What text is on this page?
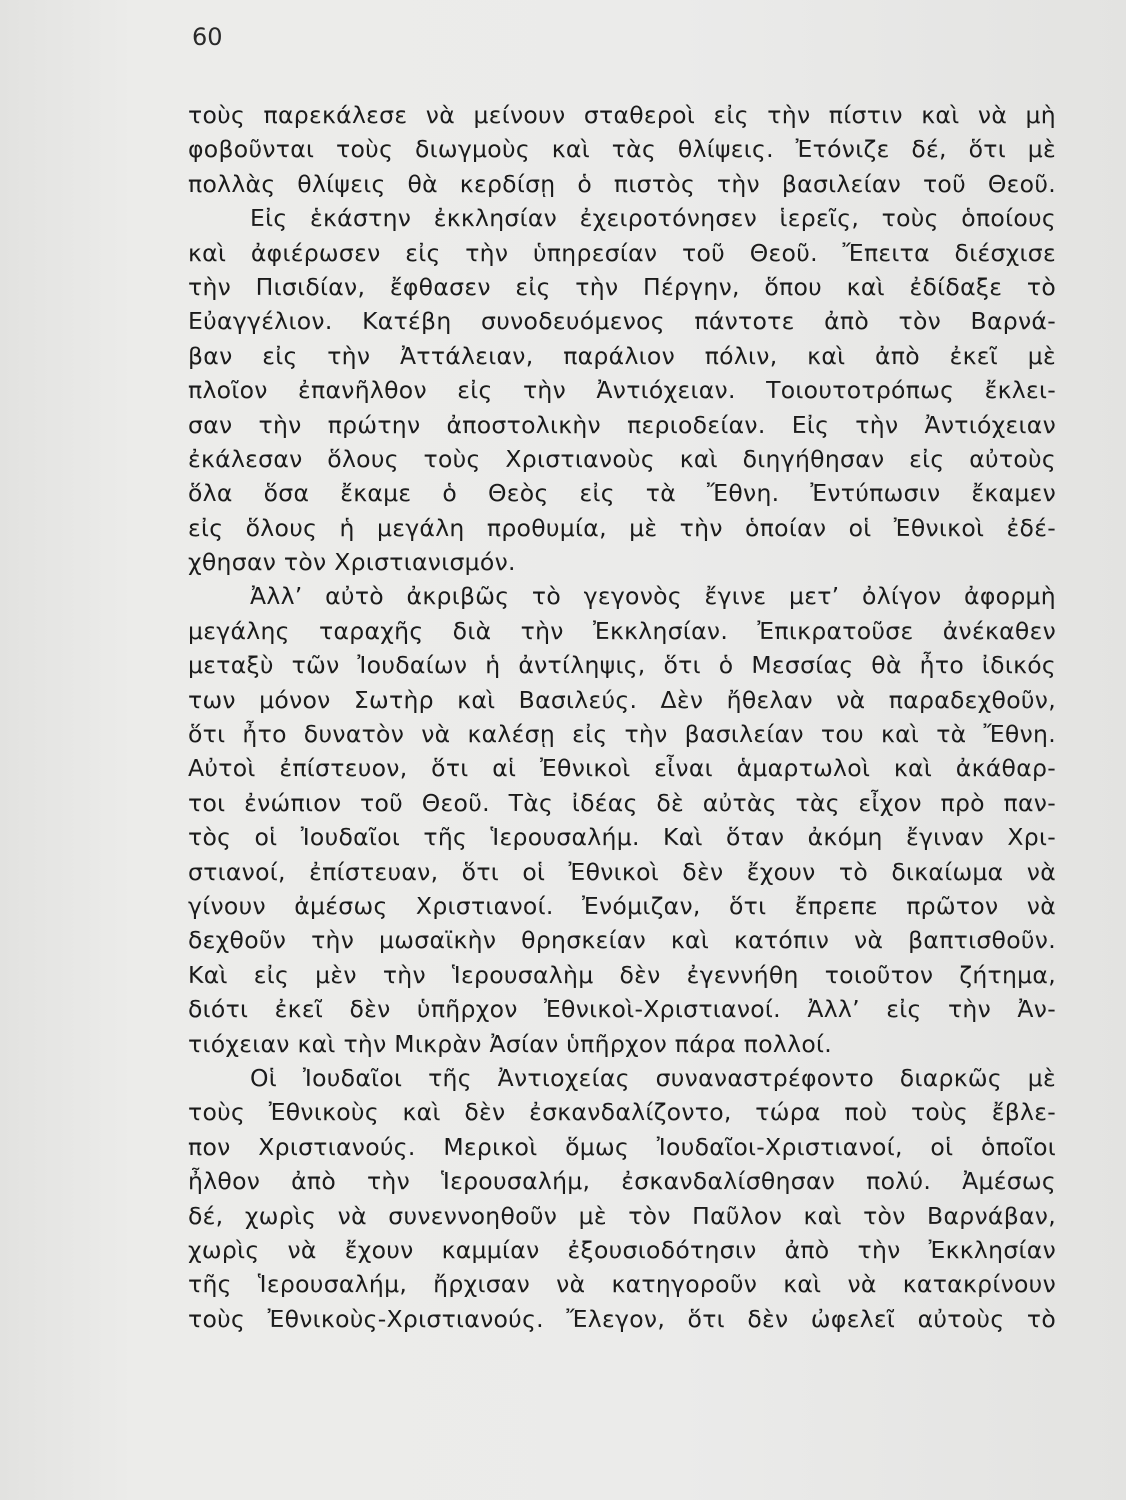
60
τοὺς παρεκάλεσε νὰ μείνουν σταθεροὶ εἰς τὴν πίστιν καὶ νὰ μὴ
φοβοῦνται τοὺς διωγμοὺς καὶ τὰς θλίψεις. Ἐτόνιζε δέ, ὅτι μὲ
πολλὰς θλίψεις θὰ κερδίσῃ ὁ πιστὸς τὴν βασιλείαν τοῦ Θεοῦ.
Εἰς ἑκάστην ἐκκλησίαν ἐχειροτόνησεν ἱερεῖς, τοὺς ὁποίους
καὶ ἀφιέρωσεν εἰς τὴν ὑπηρεσίαν τοῦ Θεοῦ. Ἔπειτα διέσχισε
τὴν Πισιδίαν, ἔφθασεν εἰς τὴν Πέργην, ὅπου καὶ ἐδίδαξε τὸ
Εὐαγγέλιον. Κατέβη συνοδευόμενος πάντοτε ἀπὸ τὸν Βαρνά-
βαν εἰς τὴν Ἀττάλειαν, παράλιον πόλιν, καὶ ἀπὸ ἐκεῖ μὲ
πλοῖον ἐπανῆλθον εἰς τὴν Ἀντιόχειαν. Τοιουτοτρόπως ἔκλει-
σαν τὴν πρώτην ἀποστολικὴν περιοδείαν. Εἰς τὴν Ἀντιόχειαν
ἐκάλεσαν ὅλους τοὺς Χριστιανοὺς καὶ διηγήθησαν εἰς αὐτοὺς
ὅλα ὅσα ἔκαμε ὁ Θεὸς εἰς τὰ Ἔθνη. Ἐντύπωσιν ἔκαμεν
εἰς ὅλους ἡ μεγάλη προθυμία, μὲ τὴν ὁποίαν οἱ Ἐθνικοὶ ἐδέ-
χθησαν τὸν Χριστιανισμόν.
Ἀλλ’ αὐτὸ ἀκριβῶς τὸ γεγονὸς ἔγινε μετ’ ὀλίγον ἀφορμὴ
μεγάλης ταραχῆς διὰ τὴν Ἐκκλησίαν. Ἐπικρατοῦσε ἀνέκαθεν
μεταξὺ τῶν Ἰουδαίων ἡ ἀντίληψις, ὅτι ὁ Μεσσίας θὰ ἦτο ἰδικός
των μόνον Σωτὴρ καὶ Βασιλεύς. Δὲν ἤθελαν νὰ παραδεχθοῦν,
ὅτι ἦτο δυνατὸν νὰ καλέσῃ εἰς τὴν βασιλείαν του καὶ τὰ Ἔθνη.
Αὐτοὶ ἐπίστευον, ὅτι αἱ Ἐθνικοὶ εἶναι ἁμαρτωλοὶ καὶ ἀκάθαρ-
τοι ἐνώπιον τοῦ Θεοῦ. Τὰς ἰδέας δὲ αὐτὰς τὰς εἶχον πρὸ παν-
τὸς οἱ Ἰουδαῖοι τῆς Ἱερουσαλήμ. Καὶ ὅταν ἀκόμη ἔγιναν Χρι-
στιανοί, ἐπίστευαν, ὅτι οἱ Ἐθνικοὶ δὲν ἔχουν τὸ δικαίωμα νὰ
γίνουν ἀμέσως Χριστιανοί. Ἐνόμιζαν, ὅτι ἔπρεπε πρῶτον νὰ
δεχθοῦν τὴν μωσαϊκὴν θρησκείαν καὶ κατόπιν νὰ βαπτισθοῦν.
Καὶ εἰς μὲν τὴν Ἱερουσαλὴμ δὲν ἐγεννήθη τοιοῦτον ζήτημα,
διότι ἐκεῖ δὲν ὑπῆρχον Ἐθνικοὶ-Χριστιανοί. Ἀλλ’ εἰς τὴν Ἀν-
τιόχειαν καὶ τὴν Μικρὰν Ἀσίαν ὑπῆρχον πάρα πολλοί.
Οἱ Ἰουδαῖοι τῆς Ἀντιοχείας συναναστρέφοντο διαρκῶς μὲ
τοὺς Ἐθνικοὺς καὶ δὲν ἐσκανδαλίζοντο, τώρα ποὺ τοὺς ἔβλε-
πον Χριστιανούς. Μερικοὶ ὅμως Ἰουδαῖοι-Χριστιανοί, οἱ ὁποῖοι
ἦλθον ἀπὸ τὴν Ἱερουσαλήμ, ἐσκανδαλίσθησαν πολύ. Ἀμέσως
δέ, χωρὶς νὰ συνεννοηθοῦν μὲ τὸν Παῦλον καὶ τὸν Βαρνάβαν,
χωρὶς νὰ ἔχουν καμμίαν ἐξουσιοδότησιν ἀπὸ τὴν Ἐκκλησίαν
τῆς Ἱερουσαλήμ, ἤρχισαν νὰ κατηγοροῦν καὶ νὰ κατακρίνουν
τοὺς Ἐθνικοὺς-Χριστιανούς. Ἔλεγον, ὅτι δὲν ὠφελεῖ αὐτοὺς τὸ
